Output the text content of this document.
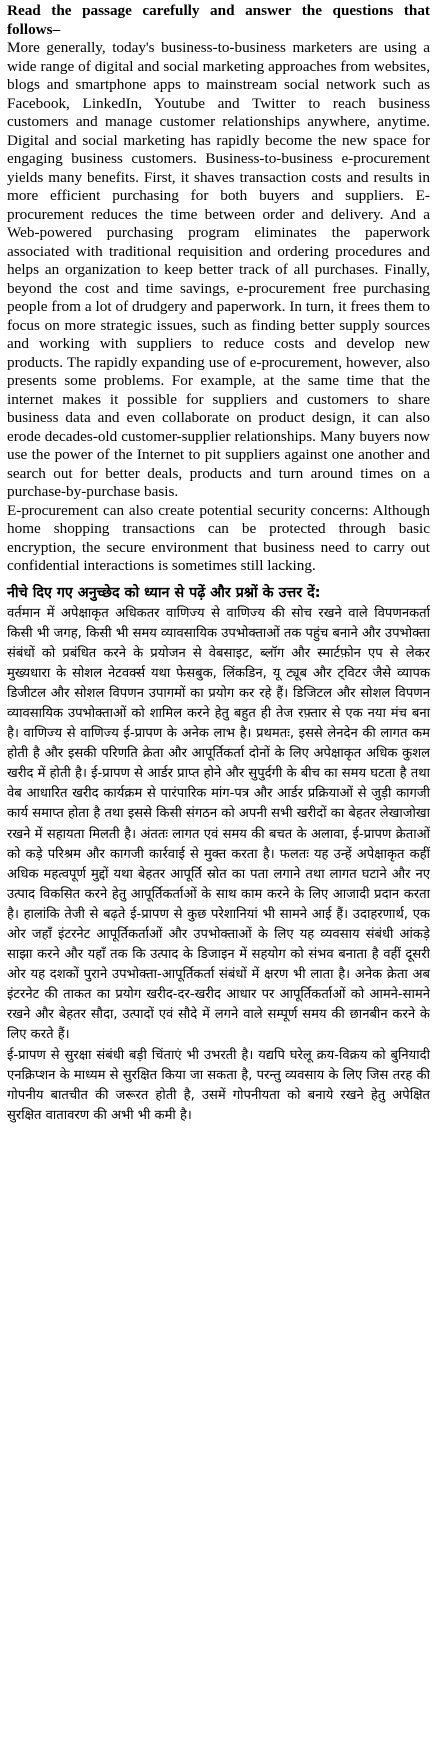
Read the passage carefully and answer the questions that follows–

More generally, today's business-to-business marketers are using a wide range of digital and social marketing approaches from websites, blogs and smartphone apps to mainstream social network such as Facebook, LinkedIn, Youtube and Twitter to reach business customers and manage customer relationships anywhere, anytime. Digital and social marketing has rapidly become the new space for engaging business customers. Business-to-business e-procurement yields many benefits. First, it shaves transaction costs and results in more efficient purchasing for both buyers and suppliers. E-procurement reduces the time between order and delivery. And a Web-powered purchasing program eliminates the paperwork associated with traditional requisition and ordering procedures and helps an organization to keep better track of all purchases. Finally, beyond the cost and time savings, e-procurement free purchasing people from a lot of drudgery and paperwork. In turn, it frees them to focus on more strategic issues, such as finding better supply sources and working with suppliers to reduce costs and develop new products. The rapidly expanding use of e-procurement, however, also presents some problems. For example, at the same time that the internet makes it possible for suppliers and customers to share business data and even collaborate on product design, it can also erode decades-old customer-supplier relationships. Many buyers now use the power of the Internet to pit suppliers against one another and search out for better deals, products and turn around times on a purchase-by-purchase basis.

E-procurement can also create potential security concerns: Although home shopping transactions can be protected through basic encryption, the secure environment that business need to carry out confidential interactions is sometimes still lacking.

नीचे दिए गए अनुच्छेद को ध्यान से पढ़ें और प्रश्नों के उत्तर दें:

वर्तमान में अपेक्षाकृत अधिकतर वाणिज्य से वाणिज्य की सोच रखने वाले विपणनकर्ता किसी भी जगह, किसी भी समय व्यावसायिक उपभोक्ताओं तक पहुंच बनाने और उपभोक्ता संबंधों को प्रबंधित करने के प्रयोजन से वेबसाइट, ब्लॉग और स्मार्टफ़ोन एप से लेकर मुख्यधारा के सोशल नेटवर्क्स यथा फेसबुक, लिंकडिन, यू ट्यूब और ट्विटर जैसे व्यापक डिजीटल और सोशल विपणन उपागमों का प्रयोग कर रहे हैं। डिजिटल और सोशल विपणन व्यावसायिक उपभोक्ताओं को शामिल करने हेतु बहुत ही तेज रफ़्तार से एक नया मंच बना है। वाणिज्य से वाणिज्य ई-प्रापण के अनेक लाभ है। प्रथमतः, इससे लेनदेन की लागत कम होती है और इसकी परिणति क्रेता और आपूर्तिकर्ता दोनों के लिए अपेक्षाकृत अधिक कुशल खरीद में होती है। ई-प्रापण से आर्डर प्राप्त होने और सुपुर्दगी के बीच का समय घटता है तथा वेब आधारित खरीद कार्यक्रम से पारंपारिक मांग-पत्र और आर्डर प्रक्रियाओं से जुड़ी कागजी कार्य समाप्त होता है तथा इससे किसी संगठन को अपनी सभी खरीदों का बेहतर लेखाजोखा रखने में सहायता मिलती है। अंततः लागत एवं समय की बचत के अलावा, ई-प्रापण क्रेताओं को कड़े परिश्रम और कागजी कार्रवाई से मुक्त करता है। फलतः यह उन्हें अपेक्षाकृत कहीं अधिक महत्वपूर्ण मुद्दों यथा बेहतर आपूर्ति स्रोत का पता लगाने तथा लागत घटाने और नए उत्पाद विकसित करने हेतु आपूर्तिकर्ताओं के साथ काम करने के लिए आजादी प्रदान करता है। हालांकि तेजी से बढ़ते ई-प्रापण से कुछ परेशानियां भी सामने आई हैं। उदाहरणार्थ, एक ओर जहाँ इंटरनेट आपूर्तिकर्ताओं और उपभोक्ताओं के लिए यह व्यवसाय संबंधी आंकड़े साझा करने और यहाँ तक कि उत्पाद के डिजाइन में सहयोग को संभव बनाता है वहीं दूसरी ओर यह दशकों पुराने उपभोक्ता-आपूर्तिकर्ता संबंधों में क्षरण भी लाता है। अनेक क्रेता अब इंटरनेट की ताकत का प्रयोग खरीद-दर-खरीद आधार पर आपूर्तिकर्ताओं को आमने-सामने रखने और बेहतर सौदा, उत्पादों एवं सौदे में लगने वाले सम्पूर्ण समय की छानबीन करने के लिए करते हैं।

ई-प्रापण से सुरक्षा संबंधी बड़ी चिंताएं भी उभरती है। यद्यपि घरेलू क्रय-विक्रय को बुनियादी एनक्रिप्शन के माध्यम से सुरक्षित किया जा सकता है, परन्तु व्यवसाय के लिए जिस तरह की गोपनीय बातचीत की जरूरत होती है, उसमें गोपनीयता को बनाये रखने हेतु अपेक्षित सुरक्षित वातावरण की अभी भी कमी है।
